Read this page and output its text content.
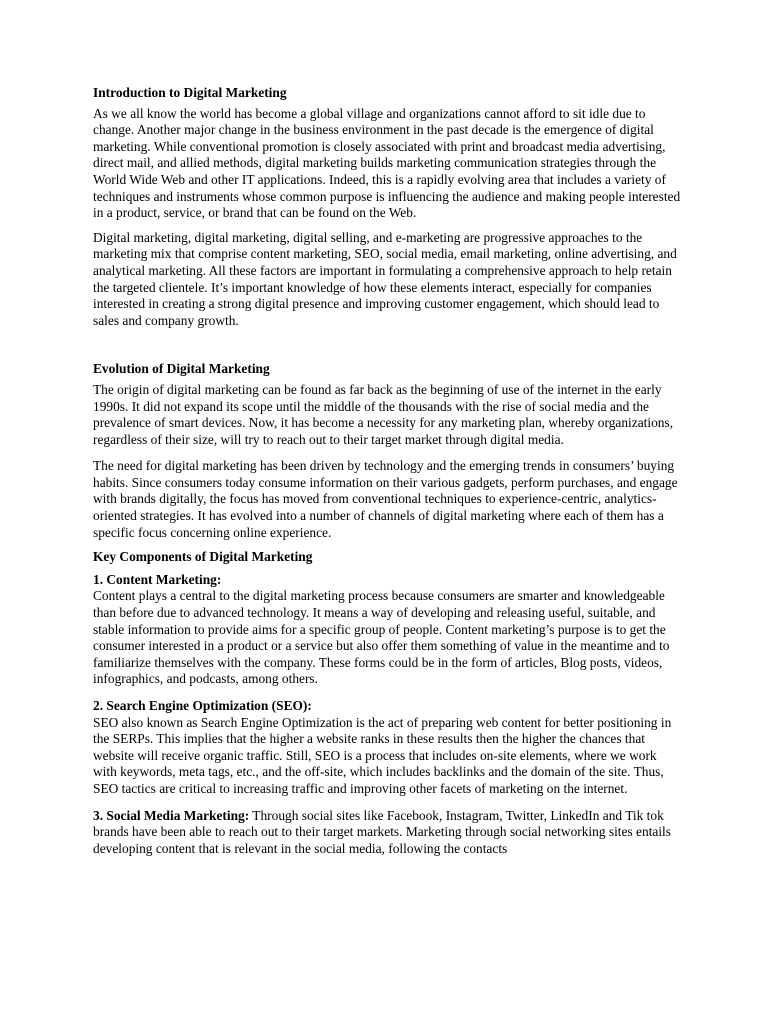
Introduction to Digital Marketing

As we all know the world has become a global village and organizations cannot afford to sit idle due to change. Another major change in the business environment in the past decade is the emergence of digital marketing. While conventional promotion is closely associated with print and broadcast media advertising, direct mail, and allied methods, digital marketing builds marketing communication strategies through the World Wide Web and other IT applications. Indeed, this is a rapidly evolving area that includes a variety of techniques and instruments whose common purpose is influencing the audience and making people interested in a product, service, or brand that can be found on the Web.

Digital marketing, digital marketing, digital selling, and e-marketing are progressive approaches to the marketing mix that comprise content marketing, SEO, social media, email marketing, online advertising, and analytical marketing. All these factors are important in formulating a comprehensive approach to help retain the targeted clientele. It’s important knowledge of how these elements interact, especially for companies interested in creating a strong digital presence and improving customer engagement, which should lead to sales and company growth.

Evolution of Digital Marketing

The origin of digital marketing can be found as far back as the beginning of use of the internet in the early 1990s. It did not expand its scope until the middle of the thousands with the rise of social media and the prevalence of smart devices. Now, it has become a necessity for any marketing plan, whereby organizations, regardless of their size, will try to reach out to their target market through digital media.

The need for digital marketing has been driven by technology and the emerging trends in consumers’ buying habits. Since consumers today consume information on their various gadgets, perform purchases, and engage with brands digitally, the focus has moved from conventional techniques to experience-centric, analytics-oriented strategies. It has evolved into a number of channels of digital marketing where each of them has a specific focus concerning online experience.

Key Components of Digital Marketing
1. Content Marketing:

Content plays a central to the digital marketing process because consumers are smarter and knowledgeable than before due to advanced technology. It means a way of developing and releasing useful, suitable, and stable information to provide aims for a specific group of people. Content marketing’s purpose is to get the consumer interested in a product or a service but also offer them something of value in the meantime and to familiarize themselves with the company. These forms could be in the form of articles, Blog posts, videos, infographics, and podcasts, among others.

2. Search Engine Optimization (SEO):

SEO also known as Search Engine Optimization is the act of preparing web content for better positioning in the SERPs. This implies that the higher a website ranks in these results then the higher the chances that website will receive organic traffic. Still, SEO is a process that includes on-site elements, where we work with keywords, meta tags, etc., and the off-site, which includes backlinks and the domain of the site. Thus, SEO tactics are critical to increasing traffic and improving other facets of marketing on the internet.

3. Social Media Marketing: Through social sites like Facebook, Instagram, Twitter, LinkedIn and Tik tok brands have been able to reach out to their target markets. Marketing through social networking sites entails developing content that is relevant in the social media, following the contacts
